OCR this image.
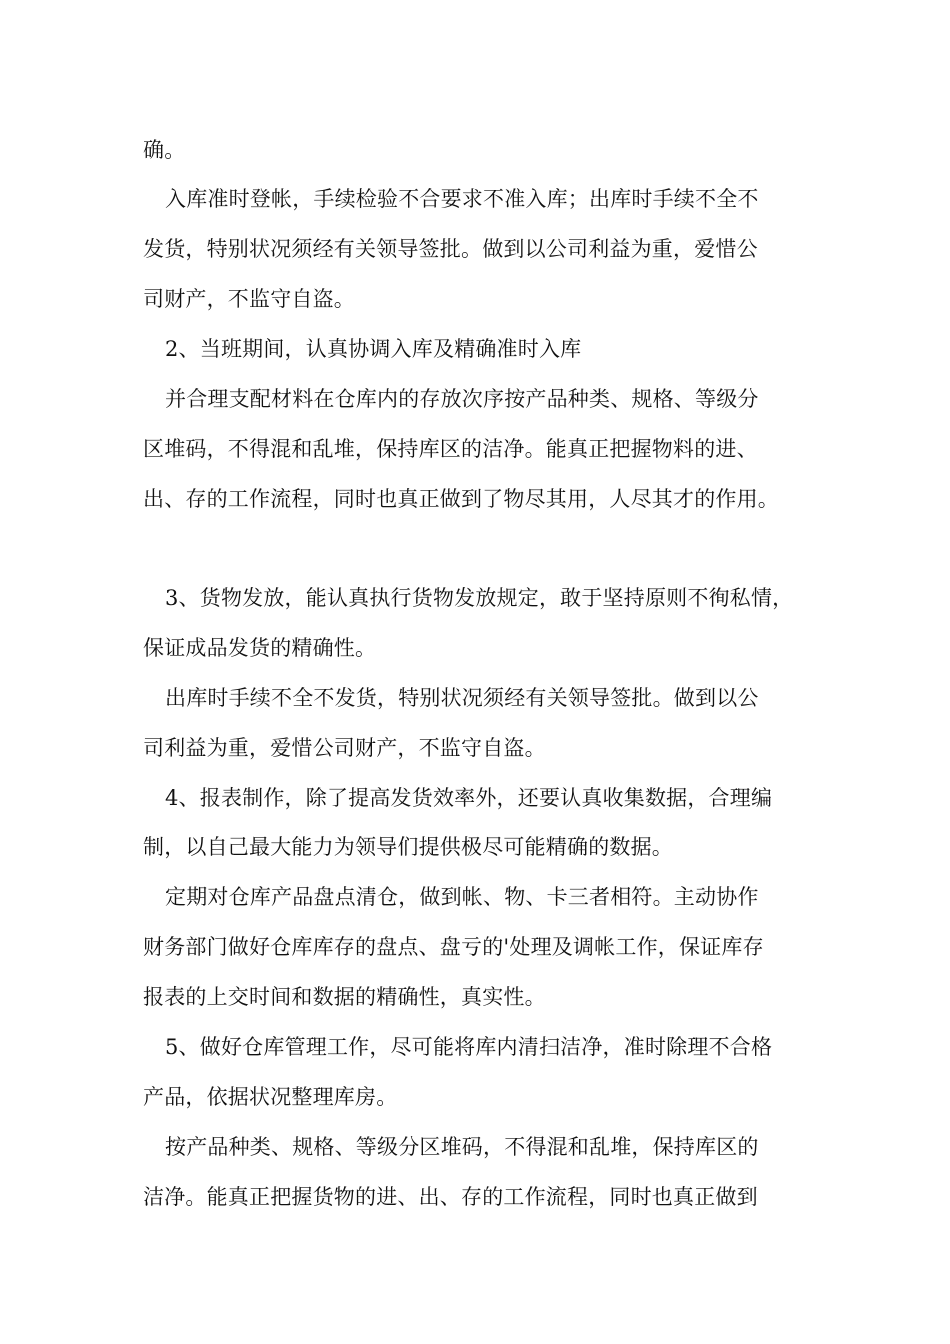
确。
入库准时登帐，手续检验不合要求不准入库；出库时手续不全不
发货，特别状况须经有关领导签批。做到以公司利益为重，爱惜公
司财产，不监守自盗。
2、当班期间，认真协调入库及精确准时入库
并合理支配材料在仓库内的存放次序按产品种类、规格、等级分
区堆码，不得混和乱堆，保持库区的洁净。能真正把握物料的进、
出、存的工作流程，同时也真正做到了物尽其用，人尽其才的作用。
3、货物发放，能认真执行货物发放规定，敢于坚持原则不徇私情，
保证成品发货的精确性。
出库时手续不全不发货，特别状况须经有关领导签批。做到以公
司利益为重，爱惜公司财产，不监守自盗。
4、报表制作，除了提高发货效率外，还要认真收集数据，合理编
制，以自己最大能力为领导们提供极尽可能精确的数据。
定期对仓库产品盘点清仓，做到帐、物、卡三者相符。主动协作
财务部门做好仓库库存的盘点、盘亏的'处理及调帐工作，保证库存
报表的上交时间和数据的精确性，真实性。
5、做好仓库管理工作，尽可能将库内清扫洁净，准时除理不合格
产品，依据状况整理库房。
按产品种类、规格、等级分区堆码，不得混和乱堆，保持库区的
洁净。能真正把握货物的进、出、存的工作流程，同时也真正做到
